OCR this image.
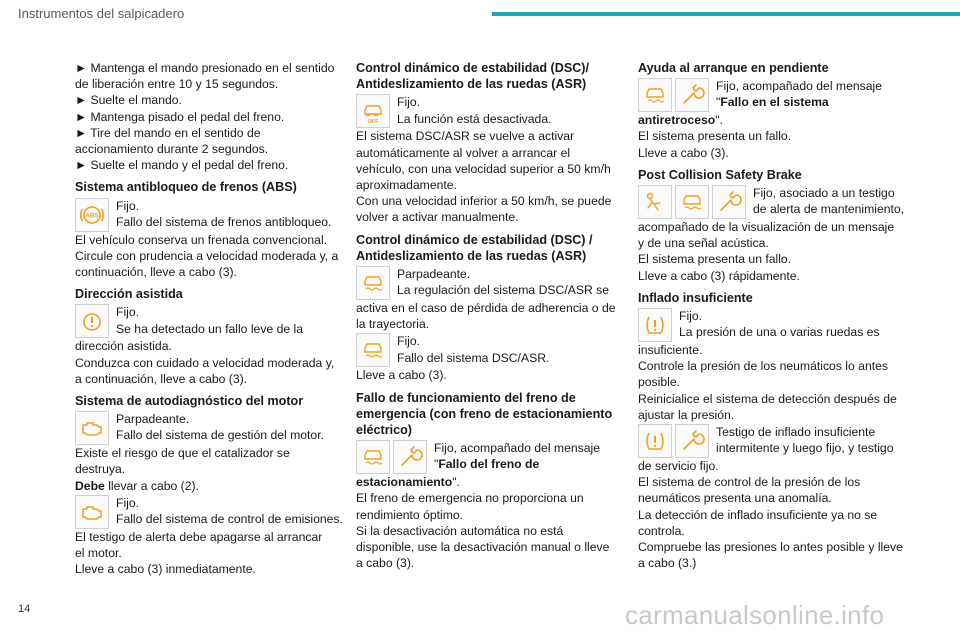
Instrumentos del salpicadero

► Mantenga el mando presionado en el sentido

de liberación entre 10 y 15 segundos.

► Suelte el mando.

► Mantenga pisado el pedal del freno.

► Tire del mando en el sentido de

accionamiento durante 2 segundos.

► Suelte el mando y el pedal del freno.

Sistema antibloqueo de frenos (ABS)
ABS
Fijo.
Fallo del sistema de frenos antibloqueo.

El vehículo conserva un frenada convencional.

Circule con prudencia a velocidad moderada y, a

continuación, lleve a cabo (3).

Dirección asistida
Fijo.
Se ha detectado un fallo leve de la

dirección asistida.

Conduzca con cuidado a velocidad moderada y,

a continuación, lleve a cabo (3).

Sistema de autodiagnóstico del motor
Parpadeante.
Fallo del sistema de gestión del motor.

Existe el riesgo de que el catalizador se

destruya.

Debe llevar a cabo (2).

Fijo.
Fallo del sistema de control de emisiones.

El testigo de alerta debe apagarse al arrancar

el motor.

Lleve a cabo (3) inmediatamente.

Control dinámico de estabilidad (DSC)/
Antideslizamiento de las ruedas (ASR)
OFF
Fijo.
La función está desactivada.

El sistema DSC/ASR se vuelve a activar

automáticamente al volver a arrancar el

vehículo, con una velocidad superior a 50 km/h

aproximadamente.

Con una velocidad inferior a 50 km/h, se puede

volver a activar manualmente.

Control dinámico de estabilidad (DSC) /
Antideslizamiento de las ruedas (ASR)
Parpadeante.
La regulación del sistema DSC/ASR se

activa en el caso de pérdida de adherencia o de

la trayectoria.

Fijo.
Fallo del sistema DSC/ASR.

Lleve a cabo (3).

Fallo de funcionamiento del freno de
emergencia (con freno de estacionamiento
eléctrico)
Fijo, acompañado del mensaje
"Fallo del freno de

estacionamiento".

El freno de emergencia no proporciona un

rendimiento óptimo.

Si la desactivación automática no está

disponible, use la desactivación manual o lleve

a cabo (3).

Ayuda al arranque en pendiente
Fijo, acompañado del mensaje
"Fallo en el sistema

antiretroceso".

El sistema presenta un fallo.

Lleve a cabo (3).

Post Collision Safety Brake
Fijo, asociado a un testigo
de alerta de mantenimiento,

acompañado de la visualización de un mensaje

y de una señal acústica.

El sistema presenta un fallo.

Lleve a cabo (3) rápidamente.

Inflado insuficiente
Fijo.
La presión de una o varias ruedas es

insuficiente.

Controle la presión de los neumáticos lo antes

posible.

Reinicialice el sistema de detección después de

ajustar la presión.

Testigo de inflado insuficiente
intermitente y luego fijo, y testigo

de servicio fijo.

El sistema de control de la presión de los

neumáticos presenta una anomalía.

La detección de inflado insuficiente ya no se

controla.

Compruebe las presiones lo antes posible y lleve

a cabo (3.)

14	carmanualsonline.info
